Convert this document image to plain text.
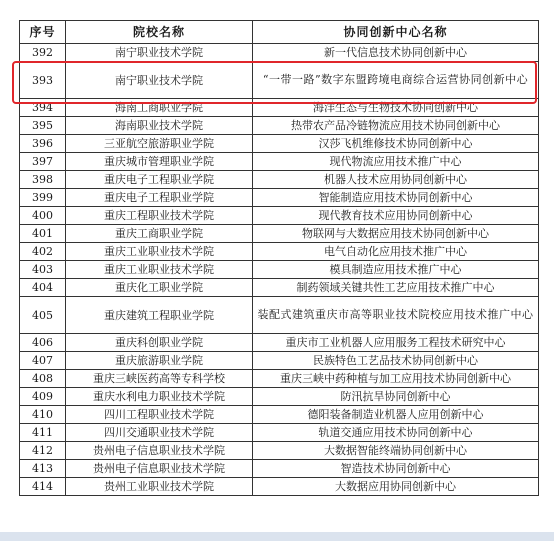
序号	院校名称	协同创新中心名称
392	南宁职业技术学院	新一代信息技术协同创新中心
393	南宁职业技术学院	“一带一路”数字东盟跨境电商综合运营协同创新中心
394	海南工商职业学院	海洋生态与生物技术协同创新中心
395	海南职业技术学院	热带农产品冷链物流应用技术协同创新中心
396	三亚航空旅游职业学院	汉莎飞机维修技术协同创新中心
397	重庆城市管理职业学院	现代物流应用技术推广中心
398	重庆电子工程职业学院	机器人技术应用协同创新中心
399	重庆电子工程职业学院	智能制造应用技术协同创新中心
400	重庆工程职业技术学院	现代教育技术应用协同创新中心
401	重庆工商职业学院	物联网与大数据应用技术协同创新中心
402	重庆工业职业技术学院	电气自动化应用技术推广中心
403	重庆工业职业技术学院	模具制造应用技术推广中心
404	重庆化工职业学院	制药领域关键共性工艺应用技术推广中心
405	重庆建筑工程职业学院	装配式建筑重庆市高等职业技术院校应用技术推广中心
406	重庆科创职业学院	重庆市工业机器人应用服务工程技术研究中心
407	重庆旅游职业学院	民族特色工艺品技术协同创新中心
408	重庆三峡医药高等专科学校	重庆三峡中药种植与加工应用技术协同创新中心
409	重庆水利电力职业技术学院	防汛抗旱协同创新中心
410	四川工程职业技术学院	德阳装备制造业机器人应用创新中心
411	四川交通职业技术学院	轨道交通应用技术协同创新中心
412	贵州电子信息职业技术学院	大数据智能终端协同创新中心
413	贵州电子信息职业技术学院	智造技术协同创新中心
414	贵州工业职业技术学院	大数据应用协同创新中心
